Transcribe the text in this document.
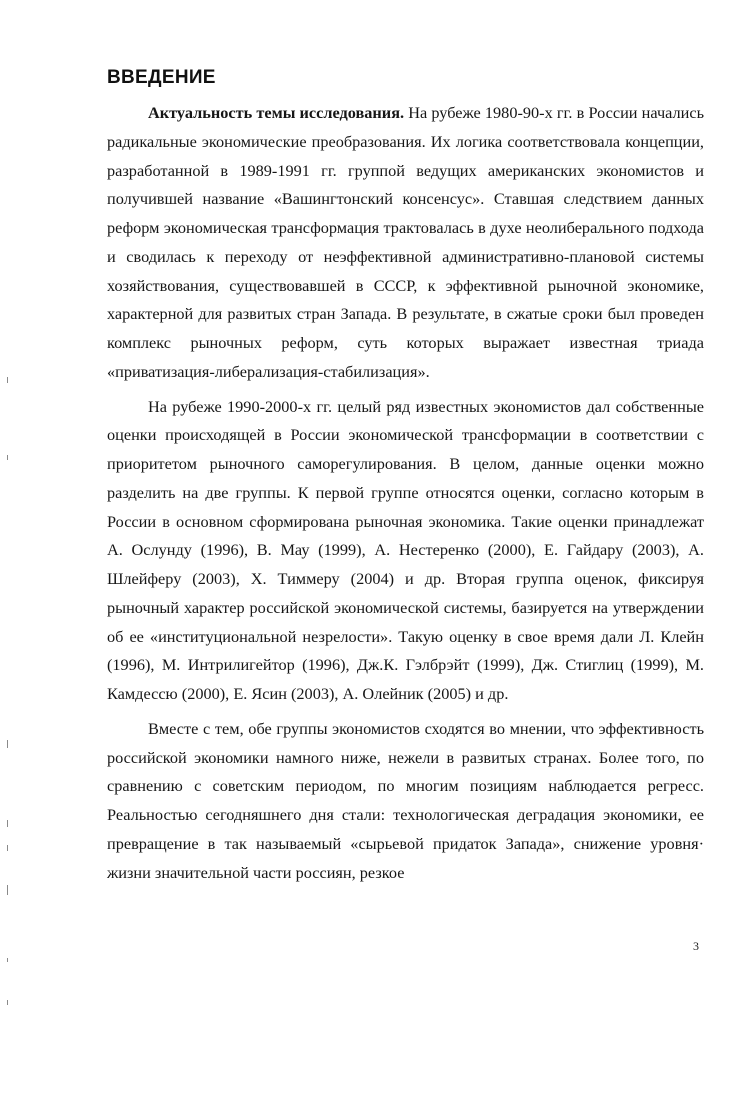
ВВЕДЕНИЕ

Актуальность темы исследования. На рубеже 1980-90-х гг. в России начались радикальные экономические преобразования. Их логика соответствовала концепции, разработанной в 1989-1991 гг. группой ведущих американских экономистов и получившей название «Вашингтонский консенсус». Ставшая следствием данных реформ экономическая трансформация трактовалась в духе неолиберального подхода и сводилась к переходу от неэффективной административно-плановой системы хозяйствования, существовавшей в СССР, к эффективной рыночной экономике, характерной для развитых стран Запада. В результате, в сжатые сроки был проведен комплекс рыночных реформ, суть которых выражает известная триада «приватизация-либерализация-стабилизация».

На рубеже 1990-2000-х гг. целый ряд известных экономистов дал собственные оценки происходящей в России экономической трансформации в соответствии с приоритетом рыночного саморегулирования. В целом, данные оценки можно разделить на две группы. К первой группе относятся оценки, согласно которым в России в основном сформирована рыночная экономика. Такие оценки принадлежат А. Ослунду (1996), В. Мау (1999), А. Нестеренко (2000), Е. Гайдару (2003), А. Шлейферу (2003), Х. Тиммеру (2004) и др. Вторая группа оценок, фиксируя рыночный характер российской экономической системы, базируется на утверждении об ее «институциональной незрелости». Такую оценку в свое время дали Л. Клейн (1996), М. Интрилигейтор (1996), Дж.К. Гэлбрэйт (1999), Дж. Стиглиц (1999), М. Камдессю (2000), Е. Ясин (2003), А. Олейник (2005) и др.

Вместе с тем, обе группы экономистов сходятся во мнении, что эффективность российской экономики намного ниже, нежели в развитых странах. Более того, по сравнению с советским периодом, по многим позициям наблюдается регресс. Реальностью сегодняшнего дня стали: технологическая деградация экономики, ее превращение в так называемый «сырьевой придаток Запада», снижение уровня· жизни значительной части россиян, резкое

3
